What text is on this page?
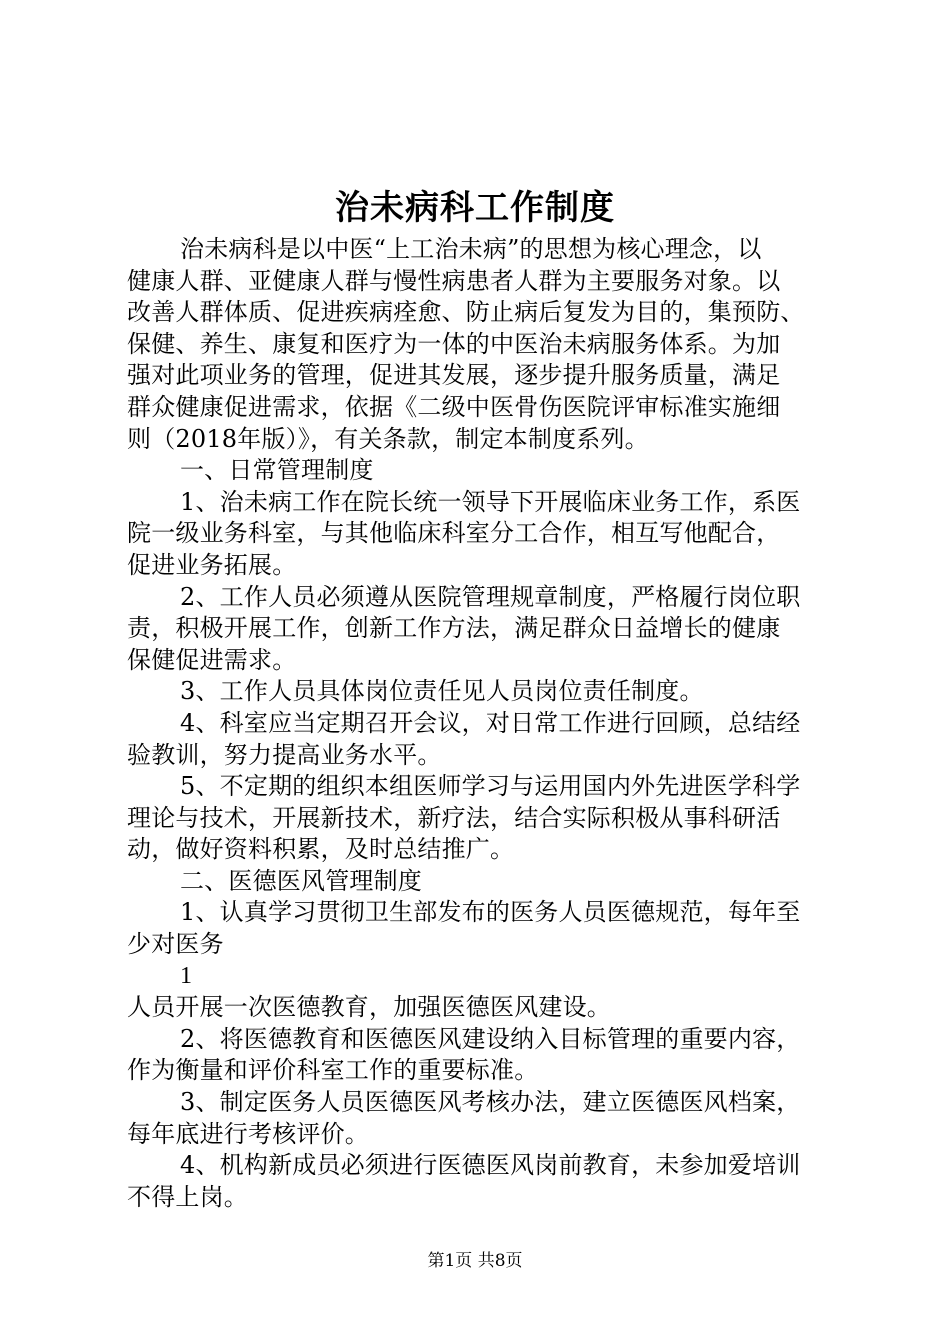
治未病科工作制度
治未病科是以中医“上工治未病”的思想为核心理念，以
健康人群、亚健康人群与慢性病患者人群为主要服务对象。以
改善人群体质、促进疾病痊愈、防止病后复发为目的，集预防、
保健、养生、康复和医疗为一体的中医治未病服务体系。为加
强对此项业务的管理，促进其发展，逐步提升服务质量，满足
群众健康促进需求，依据《二级中医骨伤医院评审标准实施细
则（2018年版）》，有关条款，制定本制度系列。
一、日常管理制度
1、治未病工作在院长统一领导下开展临床业务工作，系医
院一级业务科室，与其他临床科室分工合作，相互写他配合，
促进业务拓展。
2、工作人员必须遵从医院管理规章制度，严格履行岗位职
责，积极开展工作，创新工作方法，满足群众日益增长的健康
保健促进需求。
3、工作人员具体岗位责任见人员岗位责任制度。
4、科室应当定期召开会议，对日常工作进行回顾，总结经
验教训，努力提高业务水平。
5、不定期的组织本组医师学习与运用国内外先进医学科学
理论与技术，开展新技术，新疗法，结合实际积极从事科研活
动，做好资料积累，及时总结推广。
二、医德医风管理制度
1、认真学习贯彻卫生部发布的医务人员医德规范，每年至
少对医务
1
人员开展一次医德教育，加强医德医风建设。
2、将医德教育和医德医风建设纳入目标管理的重要内容，
作为衡量和评价科室工作的重要标准。
3、制定医务人员医德医风考核办法，建立医德医风档案，
每年底进行考核评价。
4、机构新成员必须进行医德医风岗前教育，未参加爱培训
不得上岗。
第1页 共8页
